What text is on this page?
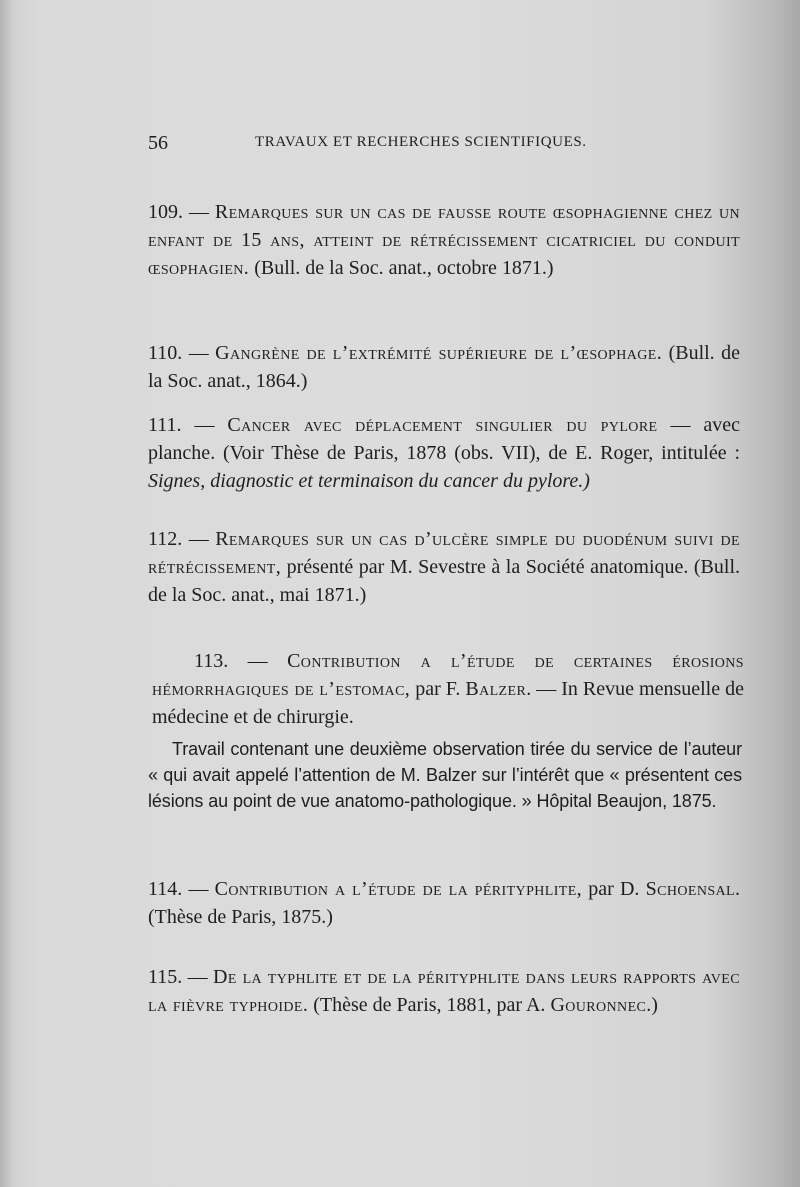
56	TRAVAUX ET RECHERCHES SCIENTIFIQUES.
109. — Remarques sur un cas de fausse route œsophagienne chez un enfant de 15 ans, atteint de rétrécissement cicatriciel du conduit œsophagien. (Bull. de la Soc. anat., octobre 1871.)
110. — Gangrène de l’extrémité supérieure de l’œsophage. (Bull. de la Soc. anat., 1864.)
111. — Cancer avec déplacement singulier du pylore — avec planche. (Voir Thèse de Paris, 1878 (obs. VII), de E. Roger, intitulée : Signes, diagnostic et terminaison du cancer du pylore.)
112. — Remarques sur un cas d’ulcère simple du duodénum suivi de rétrécissement, présenté par M. Sevestre à la Société anatomique. (Bull. de la Soc. anat., mai 1871.)
113. — Contribution a l’étude de certaines érosions hémorrhagiques de l’estomac, par F. Balzer. — In Revue mensuelle de médecine et de chirurgie.
Travail contenant une deuxième observation tirée du service de l’auteur « qui avait appelé l’attention de M. Balzer sur l’intérêt que « présentent ces lésions au point de vue anatomo-pathologique. » Hôpital Beaujon, 1875.
114. — Contribution a l’étude de la pérityphlite, par D. Schoensal. (Thèse de Paris, 1875.)
115. — De la typhlite et de la pérityphlite dans leurs rapports avec la fièvre typhoide. (Thèse de Paris, 1881, par A. Gouronnec.)
